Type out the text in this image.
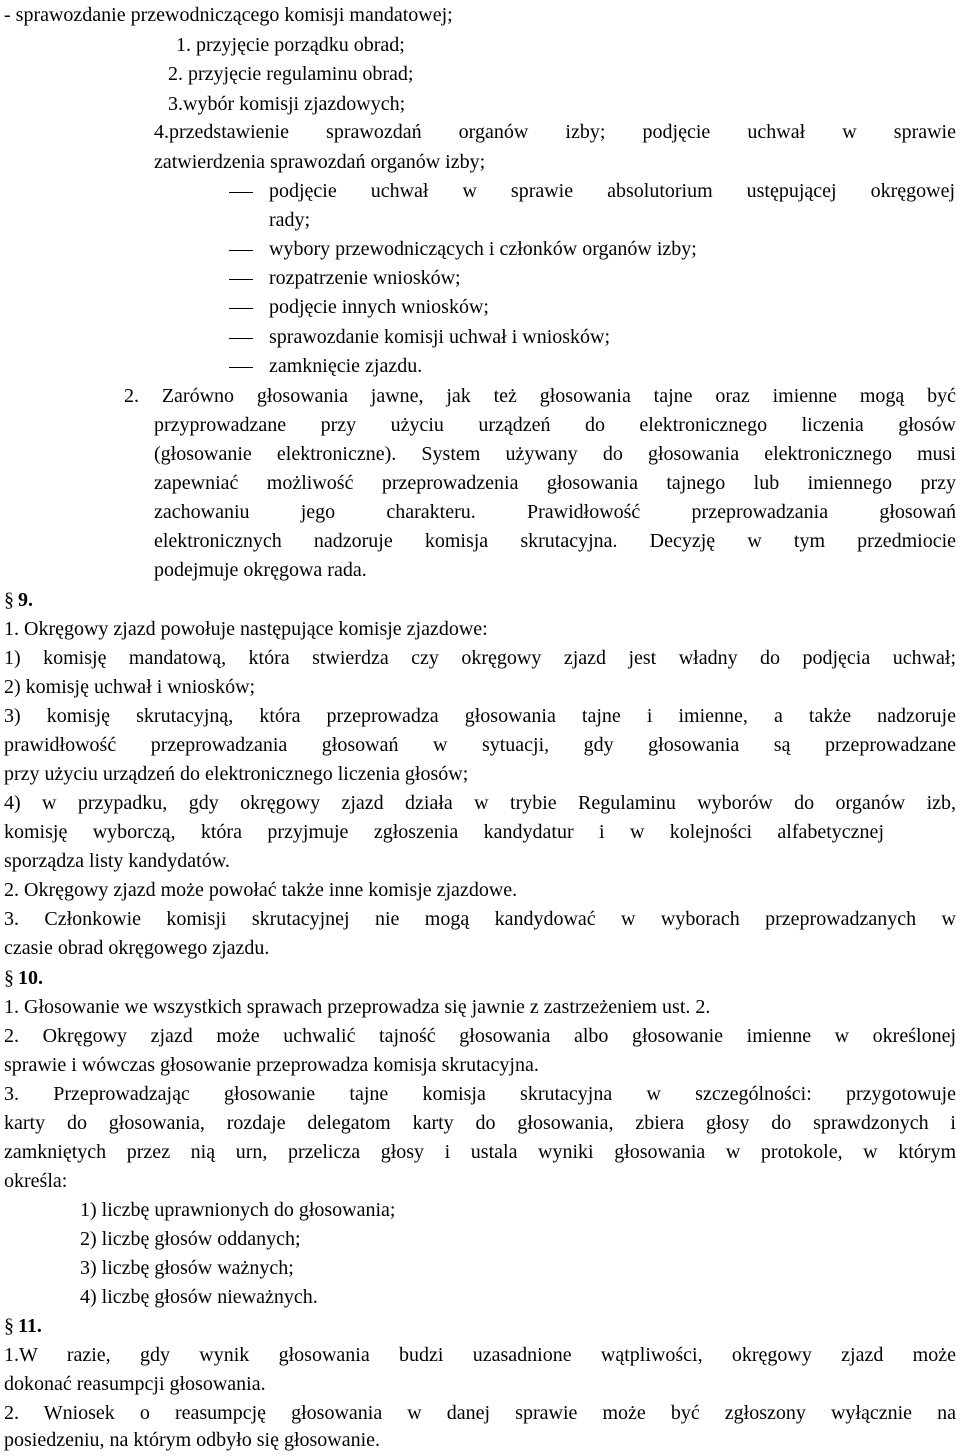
- sprawozdanie przewodniczącego komisji mandatowej;

1. przyjęcie porządku obrad;

2. przyjęcie regulaminu obrad;

3.wybór komisji zjazdowych;

4.przedstawienie sprawozdań organów izby; podjęcie uchwał w sprawie

zatwierdzenia sprawozdań organów izby;

podjęcie uchwał w sprawie absolutorium ustępującej okręgowej

rady;

wybory przewodniczących i członków organów izby;
rozpatrzenie wniosków;
podjęcie innych wniosków;
sprawozdanie komisji uchwał i wniosków;
zamknięcie zjazdu.

2. Zarówno głosowania jawne, jak też głosowania tajne oraz imienne mogą być

przyprowadzane przy użyciu urządzeń do elektronicznego liczenia głosów

(głosowanie elektroniczne). System używany do głosowania elektronicznego musi

zapewniać możliwość przeprowadzenia głosowania tajnego lub imiennego przy

zachowaniu jego charakteru. Prawidłowość przeprowadzania głosowań

elektronicznych nadzoruje komisja skrutacyjna. Decyzję w tym przedmiocie

podejmuje okręgowa rada.

§ 9.

1. Okręgowy zjazd powołuje następujące komisje zjazdowe:

1) komisję mandatową, która stwierdza czy okręgowy zjazd jest władny do podjęcia uchwał;

2) komisję uchwał i wniosków;

3) komisję skrutacyjną, która przeprowadza głosowania tajne i imienne, a także nadzoruje

prawidłowość przeprowadzania głosowań w sytuacji, gdy głosowania są przeprowadzane

przy użyciu urządzeń do elektronicznego liczenia głosów;

4) w przypadku, gdy okręgowy zjazd działa w trybie Regulaminu wyborów do organów izb,

komisję wyborczą, która przyjmuje zgłoszenia kandydatur i w kolejności alfabetycznej

sporządza listy kandydatów.

2. Okręgowy zjazd może powołać także inne komisje zjazdowe.

3. Członkowie komisji skrutacyjnej nie mogą kandydować w wyborach przeprowadzanych w

czasie obrad okręgowego zjazdu.

§ 10.

1. Głosowanie we wszystkich sprawach przeprowadza się jawnie z zastrzeżeniem ust. 2.

2. Okręgowy zjazd może uchwalić tajność głosowania albo głosowanie imienne w określonej

sprawie i wówczas głosowanie przeprowadza komisja skrutacyjna.

3. Przeprowadzając głosowanie tajne komisja skrutacyjna w szczególności: przygotowuje

karty do głosowania, rozdaje delegatom karty do głosowania, zbiera głosy do sprawdzonych i

zamkniętych przez nią urn, przelicza głosy i ustala wyniki głosowania w protokole, w którym

określa:

1) liczbę uprawnionych do głosowania;

2) liczbę głosów oddanych;

3) liczbę głosów ważnych;

4) liczbę głosów nieważnych.

§ 11.

1.W razie, gdy wynik głosowania budzi uzasadnione wątpliwości, okręgowy zjazd może

dokonać reasumpcji głosowania.

2. Wniosek o reasumpcję głosowania w danej sprawie może być zgłoszony wyłącznie na

posiedzeniu, na którym odbyło się głosowanie.
